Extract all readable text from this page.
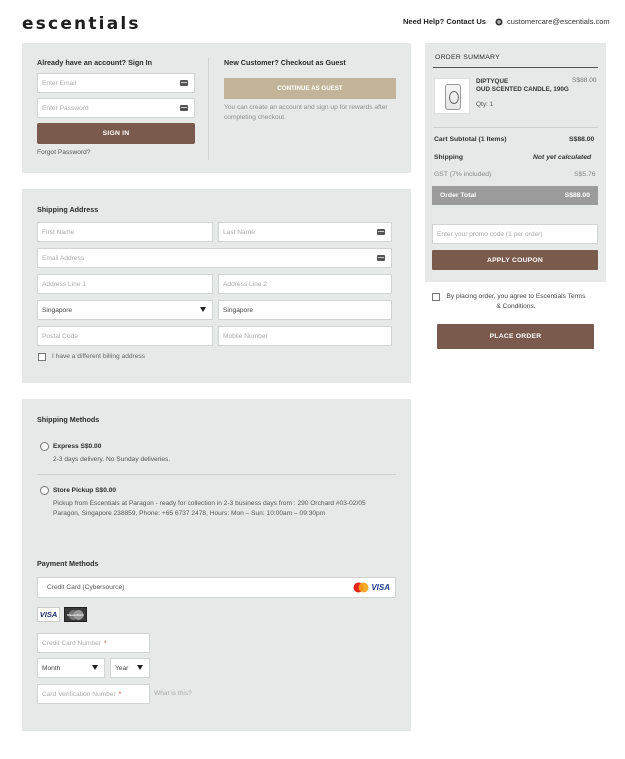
escentials	Need Help? Contact Us	customercare@escentials.com
Already have an account? Sign In
Enter Email
Enter Password
SIGN IN
Forgot Password?
New Customer? Checkout as Guest
CONTINUE AS GUEST
You can create an account and sign up for rewards after completing checkout.
Shipping Address
First Name	Last Name
Email Address
Address Line 1	Address Line 2
Singapore	Singapore
Postal Code	Mobile Number
I have a different billing address
Shipping Methods
Express S$0.00
2-3 days delivery. No Sunday deliveries.
Store Pickup S$0.00
Pickup from Escentials at Paragon - ready for collection in 2-3 business days from : 290 Orchard #03-02/05 Paragon, Singapore 238859, Phone: +65 6737 2478, Hours: Mon – Sun: 10:00am – 09:30pm
Payment Methods
Credit Card (Cybersource)	VISA
VISA	MasterCard
Credit Card Number *
Month	Year
Card Verification Number *	What is this?
ORDER SUMMARY
DIPTYQUE
OUD SCENTED CANDLE, 190G
S$88.00
Qty: 1
Cart Subtotal (1 Items)	S$88.00
Shipping	Not yet calculated
GST (7% included)	S$5.76
Order Total	S$88.00
Enter your promo code (1 per order)
APPLY COUPON
By placing order, you agree to Escentials Terms & Conditions.
PLACE ORDER
